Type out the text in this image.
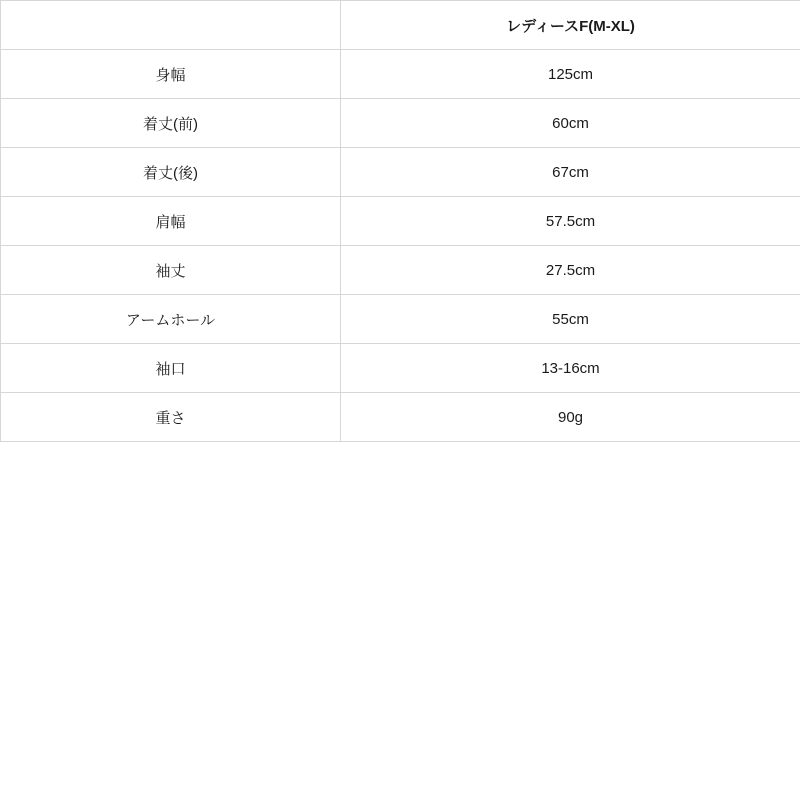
	レディースF(M-XL)
身幅	125cm
着丈(前)	60cm
着丈(後)	67cm
肩幅	57.5cm
袖丈	27.5cm
アームホール	55cm
袖口	13-16cm
重さ	90g
